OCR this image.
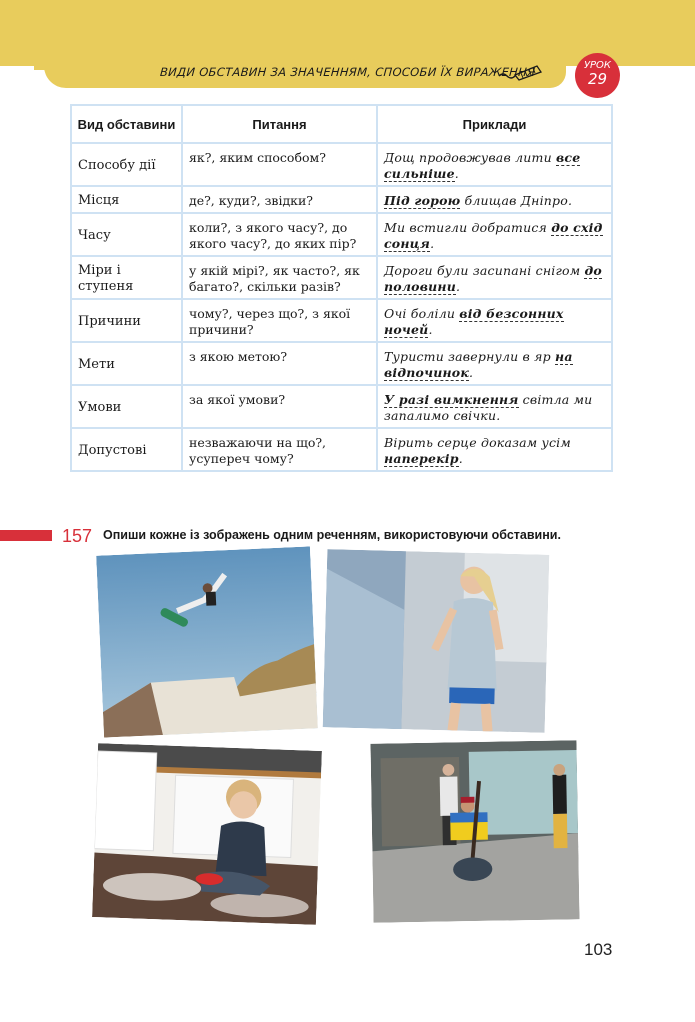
ВИДИ ОБСТАВИН ЗА ЗНАЧЕННЯМ, СПОСОБИ ЇХ ВИРАЖЕННЯ	УРОК
29
Вид обставини	Питання	Приклади
Способу дії	як?, яким способом?	Дощ продовжував лити все сильніше.
Місця	де?, куди?, звідки?	Під горою блищав Дніпро.
Часу	коли?, з якого часу?, до якого часу?, до яких пір?	Ми встигли добратися до схід сонця.
Міри і ступеня	у якій мірі?, як часто?, як багато?, скільки разів?	Дороги були засипані снігом до половини.
Причини	чому?, через що?, з якої причини?	Очі боліли від безсонних ночей.
Мети	з якою метою?	Туристи завернули в яр на відпочинок.
Умови	за якої умови?	У разі вимкнення світла ми запалимо свічки.
Допустові	незважаючи на що?, усупереч чому?	Вірить серце доказам усім наперекір.
157 Опиши кожне із зображень одним реченням, використовуючи обставини.
103
